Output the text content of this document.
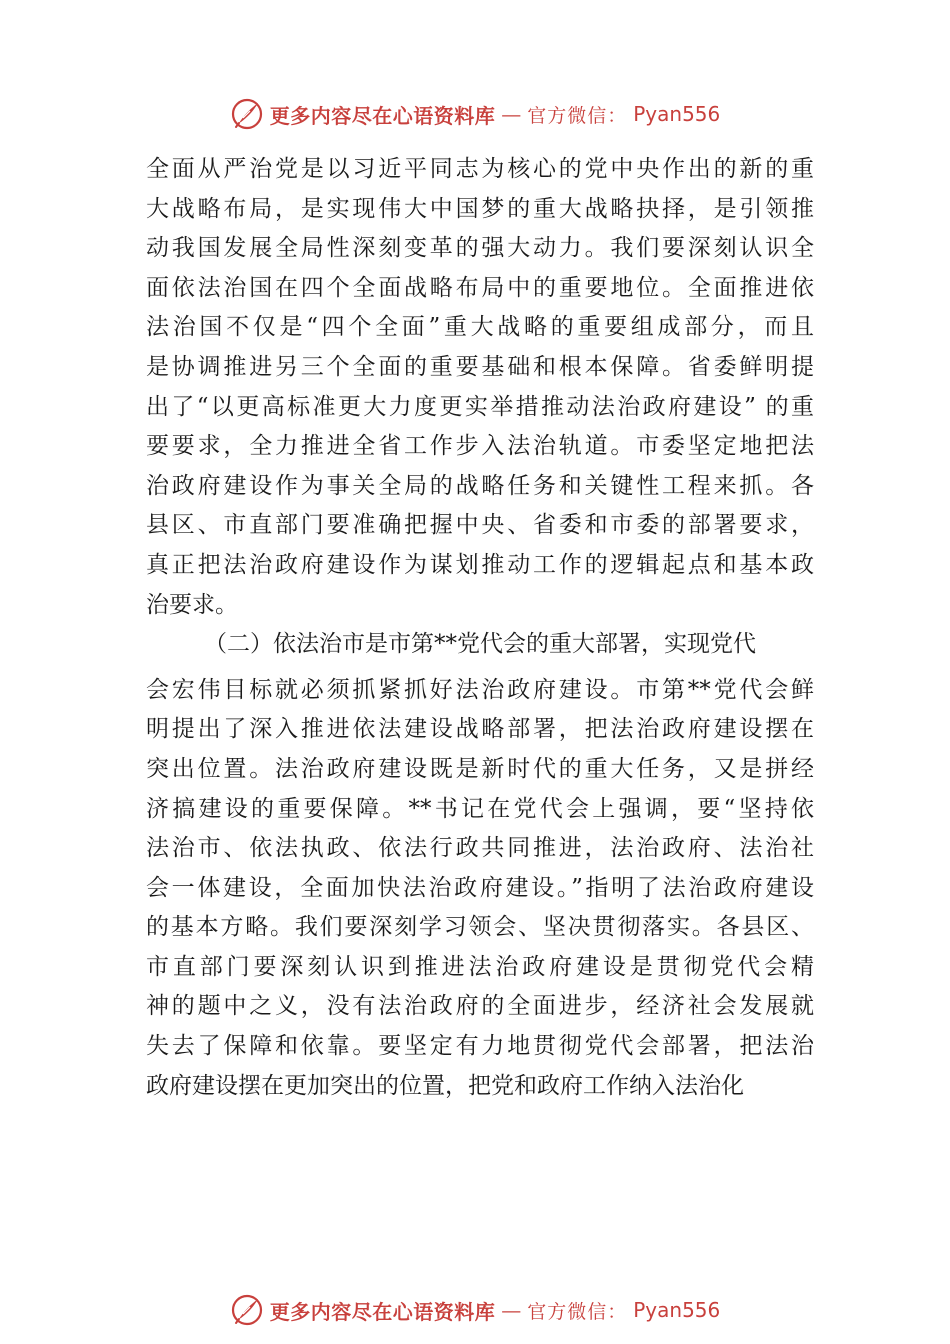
更多内容尽在心语资料库 — 官方微信： Pyan556
全面从严治党是以习近平同志为核心的党中央作出的新的重
大战略布局，是实现伟大中国梦的重大战略抉择，是引领推
动我国发展全局性深刻变革的强大动力。我们要深刻认识全
面依法治国在四个全面战略布局中的重要地位。全面推进依
法治国不仅是“四个全面”重大战略的重要组成部分，而且
是协调推进另三个全面的重要基础和根本保障。省委鲜明提
出了“以更高标准更大力度更实举措推动法治政府建设” 的重
要要求，全力推进全省工作步入法治轨道。市委坚定地把法
治政府建设作为事关全局的战略任务和关键性工程来抓。各
县区、市直部门要准确把握中央、省委和市委的部署要求，
真正把法治政府建设作为谋划推动工作的逻辑起点和基本政
治要求。
（二）依法治市是市第**党代会的重大部署，实现党代
会宏伟目标就必须抓紧抓好法治政府建设。市第**党代会鲜
明提出了深入推进依法建设战略部署，把法治政府建设摆在
突出位置。法治政府建设既是新时代的重大任务，又是拼经
济搞建设的重要保障。**书记在党代会上强调，要“坚持依
法治市、依法执政、依法行政共同推进，法治政府、法治社
会一体建设，全面加快法治政府建设。”指明了法治政府建设
的基本方略。我们要深刻学习领会、坚决贯彻落实。各县区、
市直部门要深刻认识到推进法治政府建设是贯彻党代会精
神的题中之义，没有法治政府的全面进步，经济社会发展就
失去了保障和依靠。要坚定有力地贯彻党代会部署，把法治
政府建设摆在更加突出的位置，把党和政府工作纳入法治化
更多内容尽在心语资料库 — 官方微信： Pyan556
